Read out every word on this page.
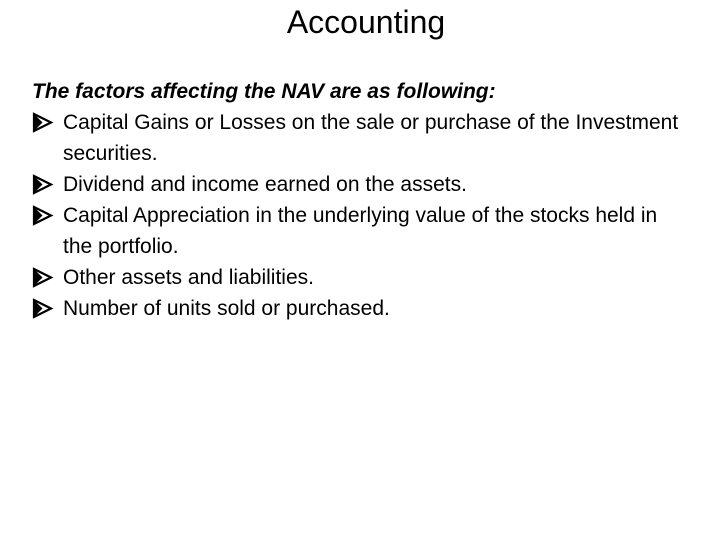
Accounting

The factors affecting the NAV are as following:

Capital Gains or Losses on the sale or purchase of the Investment securities.
Dividend and income earned on the assets.
Capital Appreciation in the underlying value of the stocks held in the portfolio.
Other assets and liabilities.
Number of units sold or purchased.
